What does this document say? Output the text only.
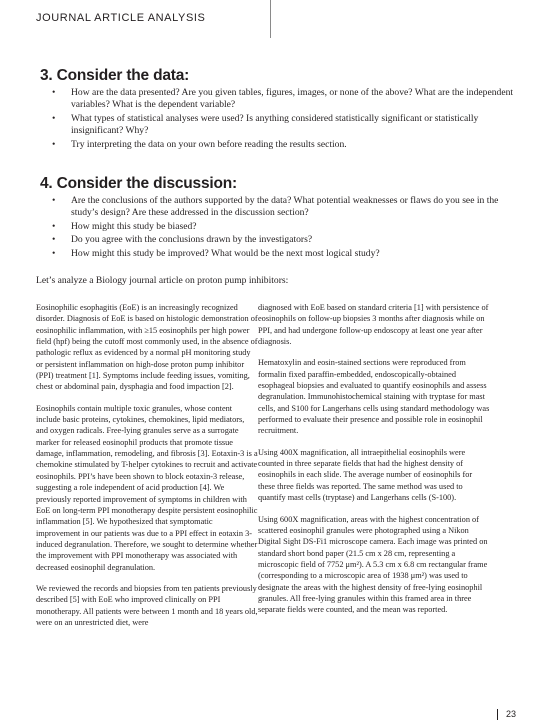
JOURNAL ARTICLE ANALYSIS
3. Consider the data:
• How are the data presented? Are you given tables, figures, images, or none of the above? What are the independent variables? What is the dependent variable?
• What types of statistical analyses were used? Is anything considered statistically significant or statistically insignificant? Why?
• Try interpreting the data on your own before reading the results section.
4. Consider the discussion:
• Are the conclusions of the authors supported by the data? What potential weaknesses or flaws do you see in the study’s design? Are these addressed in the discussion section?
• How might this study be biased?
• Do you agree with the conclusions drawn by the investigators?
• How might this study be improved? What would be the next most logical study?

Let’s analyze a Biology journal article on proton pump inhibitors:

Eosinophilic esophagitis (EoE) is an increasingly recognized disorder. Diagnosis of EoE is based on histologic demonstration of eosinophilic inflammation, with ≥15 eosinophils per high power field (hpf) being the cutoff most commonly used, in the absence of pathologic reflux as evidenced by a normal pH monitoring study or persistent inflammation on high-dose proton pump inhibitor (PPI) treatment [1]. Symptoms include feeding issues, vomiting, chest or abdominal pain, dysphagia and food impaction [2].

Eosinophils contain multiple toxic granules, whose content include basic proteins, cytokines, chemokines, lipid mediators, and oxygen radicals. Free-lying granules serve as a surrogate marker for released eosinophil products that promote tissue damage, inflammation, remodeling, and fibrosis [3]. Eotaxin-3 is a chemokine stimulated by T-helper cytokines to recruit and activate eosinophils. PPI’s have been shown to block eotaxin-3 release, suggesting a role independent of acid production [4]. We previously reported improvement of symptoms in children with EoE on long-term PPI monotherapy despite persistent eosinophilic inflammation [5]. We hypothesized that symptomatic improvement in our patients was due to a PPI effect in eotaxin 3- induced degranulation. Therefore, we sought to determine whether the improvement with PPI monotherapy was associated with decreased eosinophil degranulation.

We reviewed the records and biopsies from ten patients previously described [5] with EoE who improved clinically on PPI monotherapy. All patients were between 1 month and 18 years old, were on an unrestricted diet, were

diagnosed with EoE based on standard criteria [1] with persistence of eosinophils on follow-up biopsies 3 months after diagnosis while on PPI, and had undergone follow-up endoscopy at least one year after diagnosis.

Hematoxylin and eosin-stained sections were reproduced from formalin fixed paraffin-embedded, endoscopically-obtained esophageal biopsies and evaluated to quantify eosinophils and assess degranulation. Immunohistochemical staining with tryptase for mast cells, and S100 for Langerhans cells using standard methodology was performed to evaluate their presence and possible role in eosinophil recruitment.

Using 400X magnification, all intraepithelial eosinophils were counted in three separate fields that had the highest density of eosinophils in each slide. The average number of eosinophils for these three fields was reported. The same method was used to quantify mast cells (tryptase) and Langerhans cells (S-100).

Using 600X magnification, areas with the highest concentration of scattered eosinophil granules were photographed using a Nikon Digital Sight DS-Fi1 microscope camera. Each image was printed on standard short bond paper (21.5 cm x 28 cm, representing a microscopic field of 7752 μm²). A 5.3 cm x 6.8 cm rectangular frame (corresponding to a microscopic area of 1938 μm²) was used to designate the areas with the highest density of free-lying eosinophil granules. All free-lying granules within this framed area in three separate fields were counted, and the mean was reported.

23
